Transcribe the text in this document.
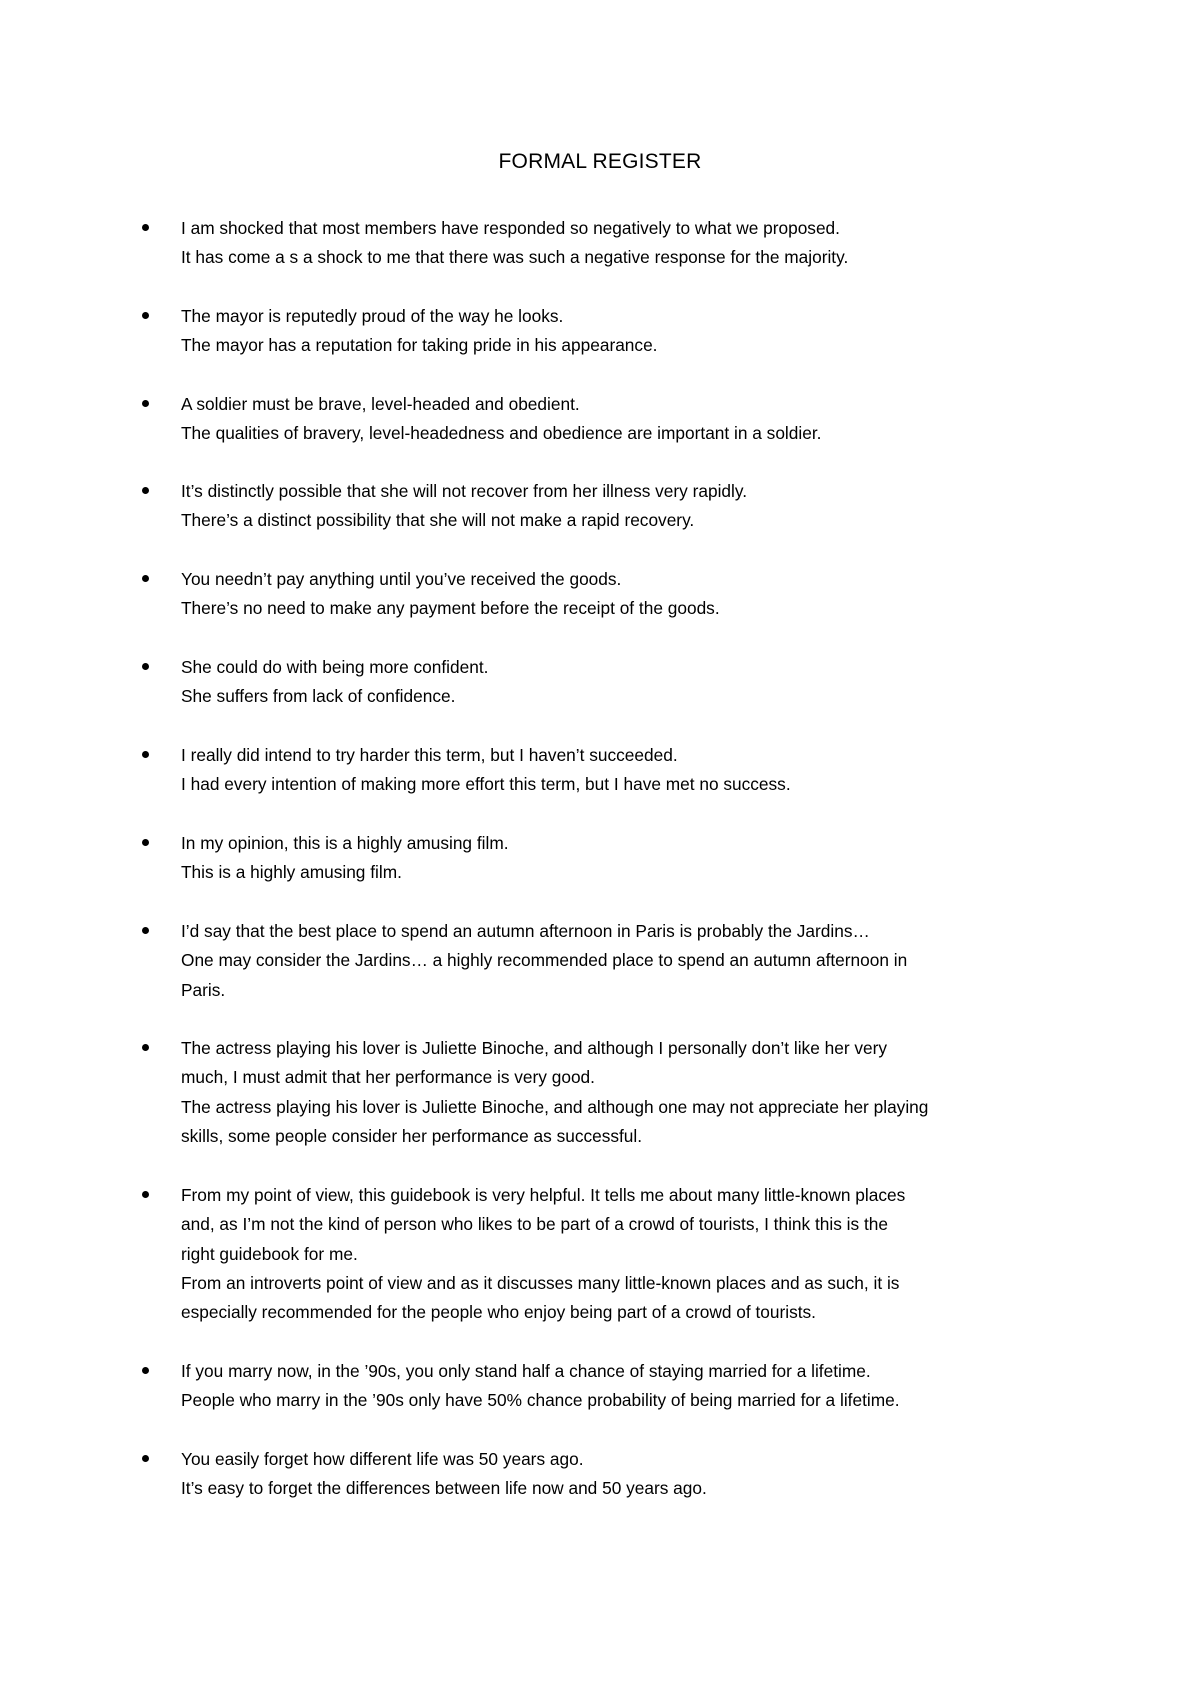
FORMAL REGISTER
I am shocked that most members have responded so negatively to what we proposed.
It has come a s a shock to me that there was such a negative response for the majority.
The mayor is reputedly proud of the way he looks.
The mayor has a reputation for taking pride in his appearance.
A soldier must be brave, level-headed and obedient.
The qualities of bravery, level-headedness and obedience are important in a soldier.
It’s distinctly possible that she will not recover from her illness very rapidly.
There’s a distinct possibility that she will not make a rapid recovery.
You needn’t pay anything until you’ve received the goods.
There’s no need to make any payment before the receipt of the goods.
She could do with being more confident.
She suffers from lack of confidence.
I really did intend to try harder this term, but I haven’t succeeded.
I had every intention of making more effort this term, but I have met no success.
In my opinion, this is a highly amusing film.
This is a highly amusing film.
I’d say that the best place to spend an autumn afternoon in Paris is probably the Jardins…
One may consider the Jardins… a highly recommended place to spend an autumn afternoon in
Paris.
The actress playing his lover is Juliette Binoche, and although I personally don’t like her very
much, I must admit that her performance is very good.
The actress playing his lover is Juliette Binoche, and although one may not appreciate her playing
skills, some people consider her performance as successful.
From my point of view, this guidebook is very helpful. It tells me about many little-known places
and, as I’m not the kind of person who likes to be part of a crowd of tourists, I think this is the
right guidebook for me.
From an introverts point of view and as it discusses many little-known places and as such, it is
especially recommended for the people who enjoy being part of a crowd of tourists.
If you marry now, in the ’90s, you only stand half a chance of staying married for a lifetime.
People who marry in the ’90s only have 50% chance probability of being married for a lifetime.
You easily forget how different life was 50 years ago.
It’s easy to forget the differences between life now and 50 years ago.
